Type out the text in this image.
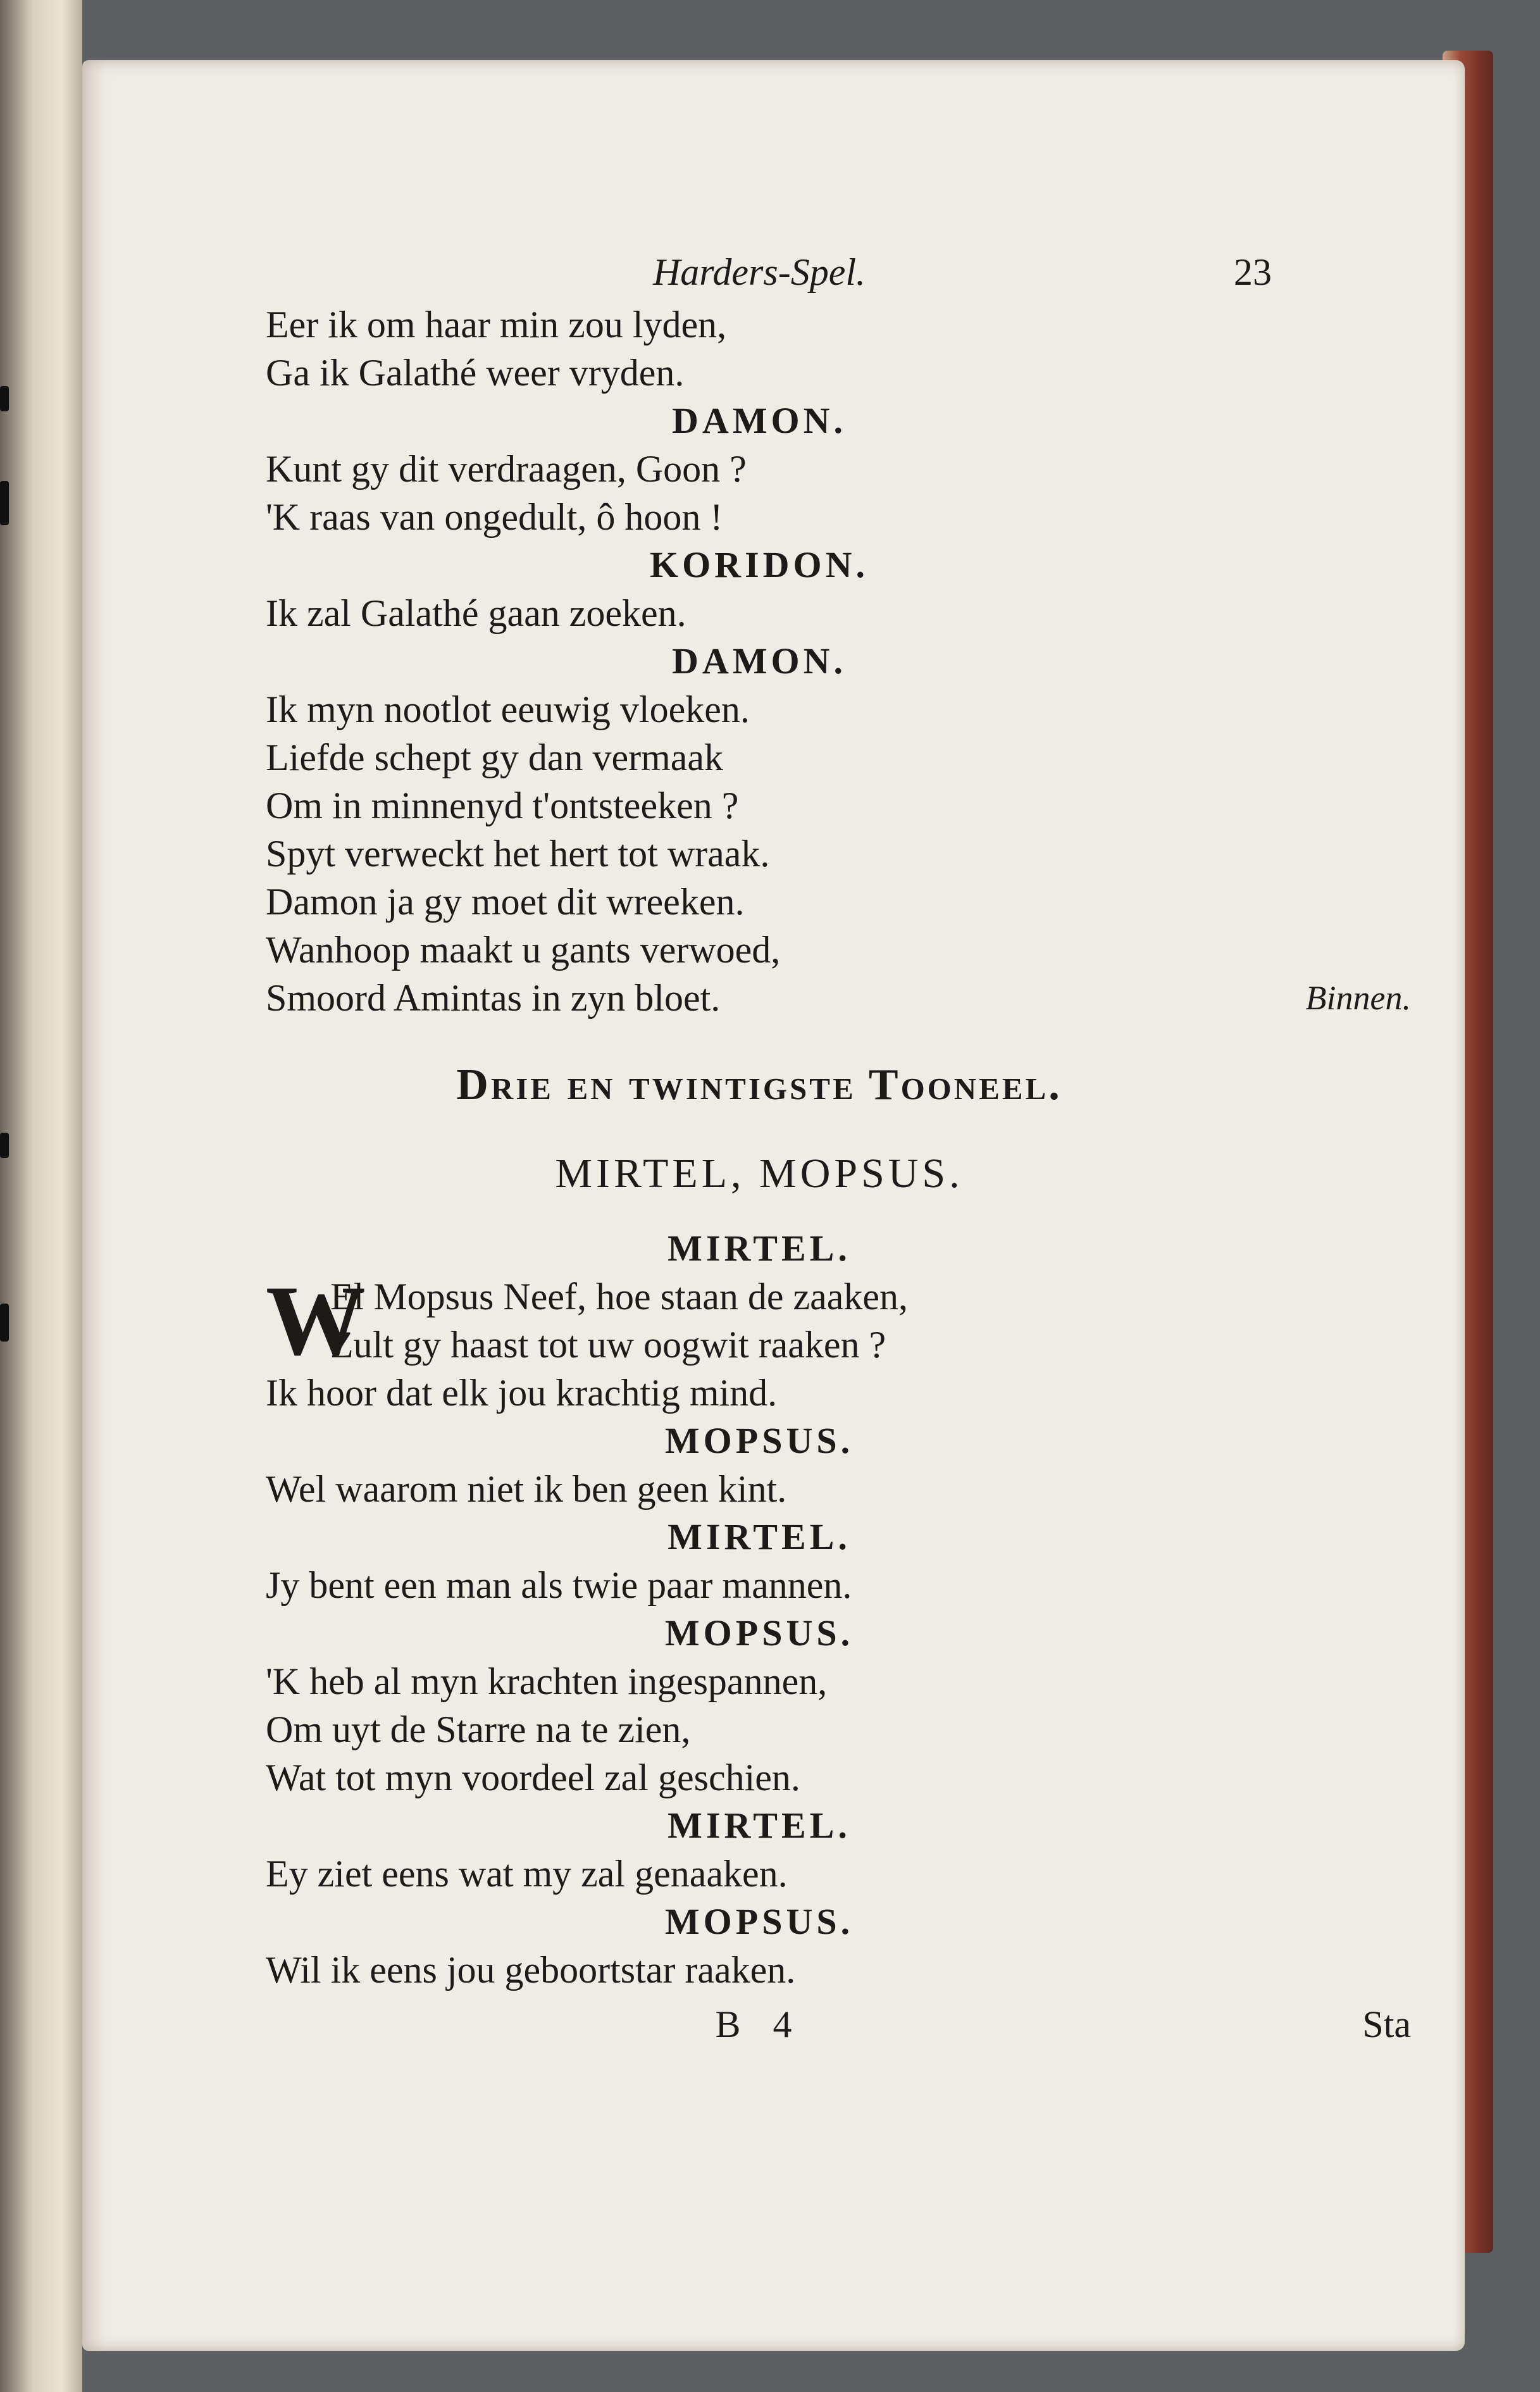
Harders-Spel.	23
Eer ik om haar min zou lyden,
Ga ik Galathé weer vryden.
DAMON.
Kunt gy dit verdraagen, Goon ?
'K raas van ongedult, ô hoon !
KORIDON.
Ik zal Galathé gaan zoeken.
DAMON.
Ik myn nootlot eeuwig vloeken.
Liefde schept gy dan vermaak
Om in minnenyd t'ontsteeken ?
Spyt verweckt het hert tot wraak.
Damon ja gy moet dit wreeken.
Wanhoop maakt u gants verwoed,
Smoord Amintas in zyn bloet.	Binnen.
Drie en twintigste Tooneel.
MIRTEL, MOPSUS.
MIRTEL.
W
El Mopsus Neef, hoe staan de zaaken,
Zult gy haast tot uw oogwit raaken ?
Ik hoor dat elk jou krachtig mind.
MOPSUS.
Wel waarom niet ik ben geen kint.
MIRTEL.
Jy bent een man als twie paar mannen.
MOPSUS.
'K heb al myn krachten ingespannen,
Om uyt de Starre na te zien,
Wat tot myn voordeel zal geschien.
MIRTEL.
Ey ziet eens wat my zal genaaken.
MOPSUS.
Wil ik eens jou geboortstar raaken.
B 4	Sta
